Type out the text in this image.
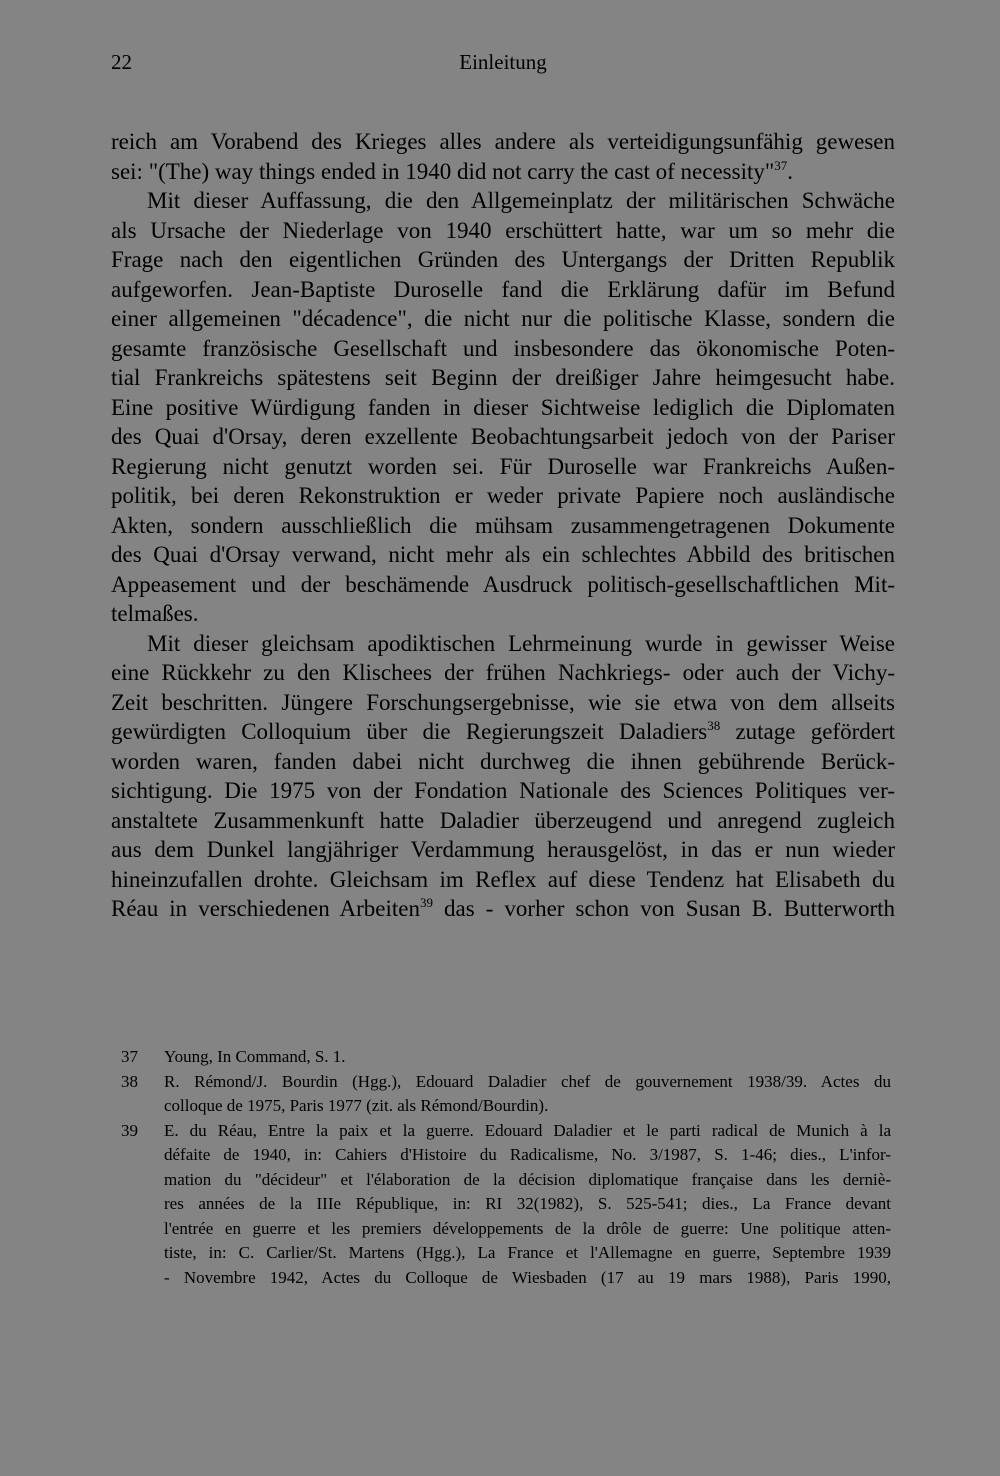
22	Einleitung
reich am Vorabend des Krieges alles andere als verteidigungsunfähig gewesen
sei: "(The) way things ended in 1940 did not carry the cast of necessity"$^{37}$.
Mit dieser Auffassung, die den Allgemeinplatz der militärischen Schwäche
als Ursache der Niederlage von 1940 erschüttert hatte, war um so mehr die
Frage nach den eigentlichen Gründen des Untergangs der Dritten Republik
aufgeworfen. Jean-Baptiste Duroselle fand die Erklärung dafür im Befund
einer allgemeinen "décadence", die nicht nur die politische Klasse, sondern die
gesamte französische Gesellschaft und insbesondere das ökonomische Poten-
tial Frankreichs spätestens seit Beginn der dreißiger Jahre heimgesucht habe.
Eine positive Würdigung fanden in dieser Sichtweise lediglich die Diplomaten
des Quai d'Orsay, deren exzellente Beobachtungsarbeit jedoch von der Pariser
Regierung nicht genutzt worden sei. Für Duroselle war Frankreichs Außen-
politik, bei deren Rekonstruktion er weder private Papiere noch ausländische
Akten, sondern ausschließlich die mühsam zusammengetragenen Dokumente
des Quai d'Orsay verwand, nicht mehr als ein schlechtes Abbild des britischen
Appeasement und der beschämende Ausdruck politisch-gesellschaftlichen Mit-
telmaßes.
Mit dieser gleichsam apodiktischen Lehrmeinung wurde in gewisser Weise
eine Rückkehr zu den Klischees der frühen Nachkriegs- oder auch der Vichy-
Zeit beschritten. Jüngere Forschungsergebnisse, wie sie etwa von dem allseits
gewürdigten Colloquium über die Regierungszeit Daladiers$^{38}$ zutage gefördert
worden waren, fanden dabei nicht durchweg die ihnen gebührende Berück-
sichtigung. Die 1975 von der Fondation Nationale des Sciences Politiques ver-
anstaltete Zusammenkunft hatte Daladier überzeugend und anregend zugleich
aus dem Dunkel langjähriger Verdammung herausgelöst, in das er nun wieder
hineinzufallen drohte. Gleichsam im Reflex auf diese Tendenz hat Elisabeth du
Réau in verschiedenen Arbeiten$^{39}$ das - vorher schon von Susan B. Butterworth
37 Young, In Command, S. 1.
38 R. Rémond/J. Bourdin (Hgg.), Edouard Daladier chef de gouvernement 1938/39. Actes du
colloque de 1975, Paris 1977 (zit. als Rémond/Bourdin).
39 E. du Réau, Entre la paix et la guerre. Edouard Daladier et le parti radical de Munich à la
défaite de 1940, in: Cahiers d'Histoire du Radicalisme, No. 3/1987, S. 1-46; dies., L'infor-
mation du "décideur" et l'élaboration de la décision diplomatique française dans les derniè-
res années de la IIIe République, in: RI 32(1982), S. 525-541; dies., La France devant
l'entrée en guerre et les premiers développements de la drôle de guerre: Une politique atten-
tiste, in: C. Carlier/St. Martens (Hgg.), La France et l'Allemagne en guerre, Septembre 1939
- Novembre 1942, Actes du Colloque de Wiesbaden (17 au 19 mars 1988), Paris 1990,
